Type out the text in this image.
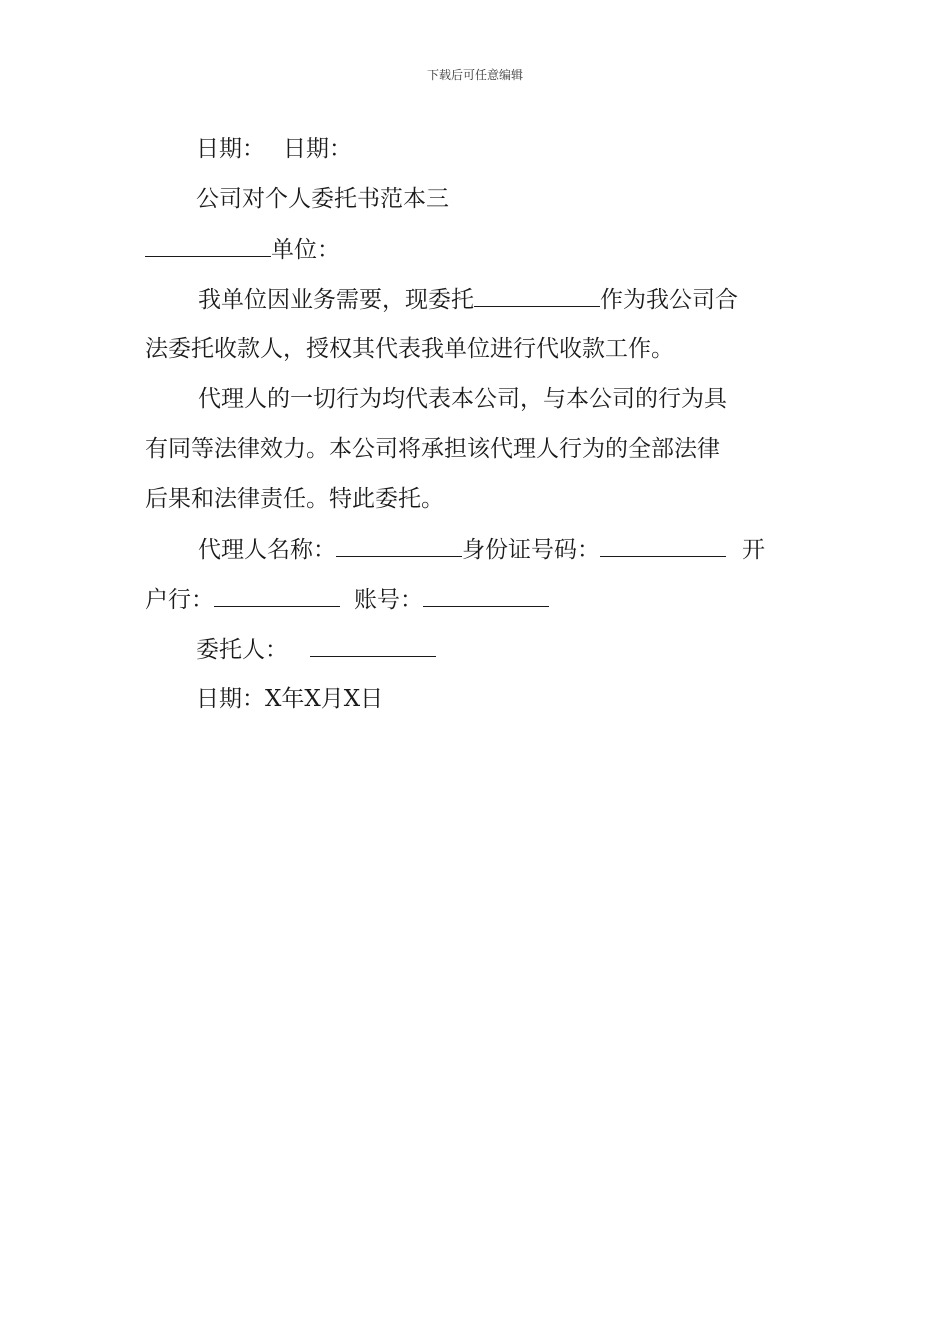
下载后可任意编辑
日期： 日期：
公司对个人委托书范本三
单位：
我单位因业务需要，现委托	作为我公司合
法委托收款人，授权其代表我单位进行代收款工作。
代理人的一切行为均代表本公司，与本公司的行为具
有同等法律效力。本公司将承担该代理人行为的全部法律
后果和法律责任。特此委托。
代理人名称：	身份证号码：	开
户行：	账号：
委托人：
日期：X年X月X日
